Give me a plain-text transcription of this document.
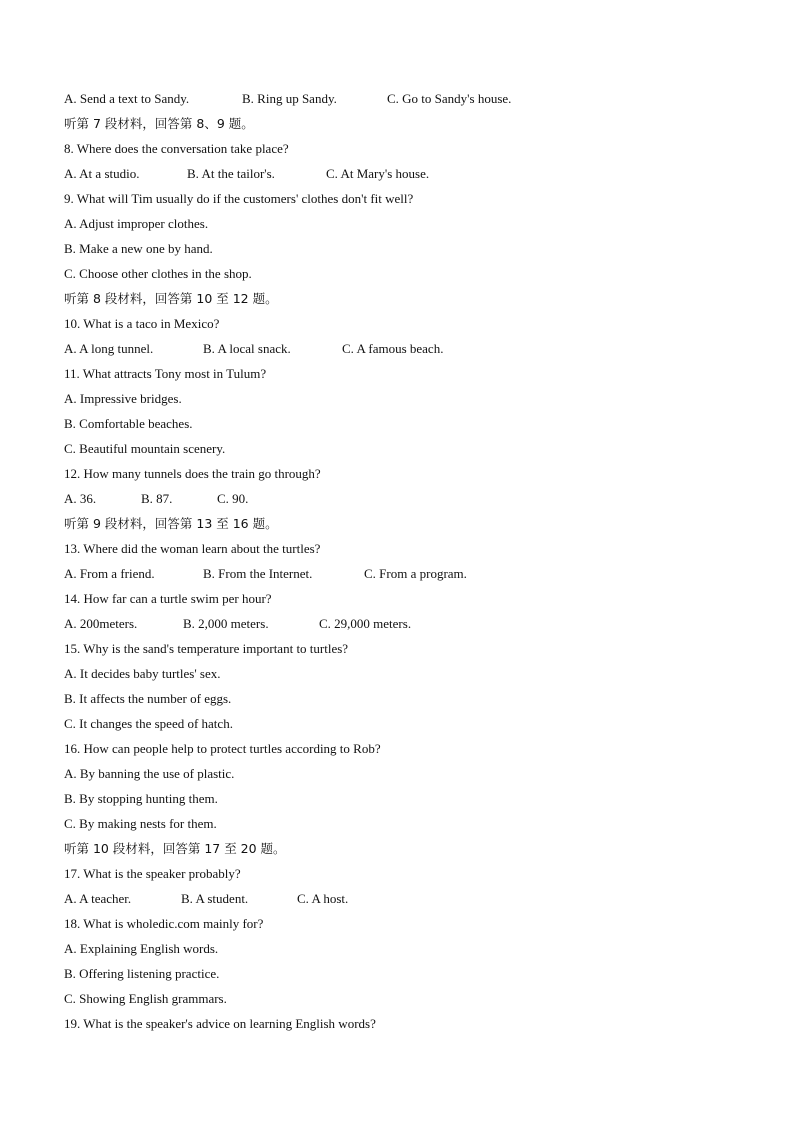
A. Send a text to Sandy.	B. Ring up Sandy.	C. Go to Sandy's house.
听第 7 段材料，回答第 8、9 题。
8. Where does the conversation take place?
A. At a studio.	B. At the tailor's.	C. At Mary's house.
9. What will Tim usually do if the customers' clothes don't fit well?
A. Adjust improper clothes.
B. Make a new one by hand.
C. Choose other clothes in the shop.
听第 8 段材料，回答第 10 至 12 题。
10. What is a taco in Mexico?
A. A long tunnel.	B. A local snack.	C. A famous beach.
11. What attracts Tony most in Tulum?
A. Impressive bridges.
B. Comfortable beaches.
C. Beautiful mountain scenery.
12. How many tunnels does the train go through?
A. 36.	B. 87.	C. 90.
听第 9 段材料，回答第 13 至 16 题。
13. Where did the woman learn about the turtles?
A. From a friend.	B. From the Internet.	C. From a program.
14. How far can a turtle swim per hour?
A. 200meters.	B. 2,000 meters.	C. 29,000 meters.
15. Why is the sand's temperature important to turtles?
A. It decides baby turtles' sex.
B. It affects the number of eggs.
C. It changes the speed of hatch.
16. How can people help to protect turtles according to Rob?
A. By banning the use of plastic.
B. By stopping hunting them.
C. By making nests for them.
听第 10 段材料，回答第 17 至 20 题。
17. What is the speaker probably?
A. A teacher.	B. A student.	C. A host.
18. What is wholedic.com mainly for?
A. Explaining English words.
B. Offering listening practice.
C. Showing English grammars.
19. What is the speaker's advice on learning English words?
